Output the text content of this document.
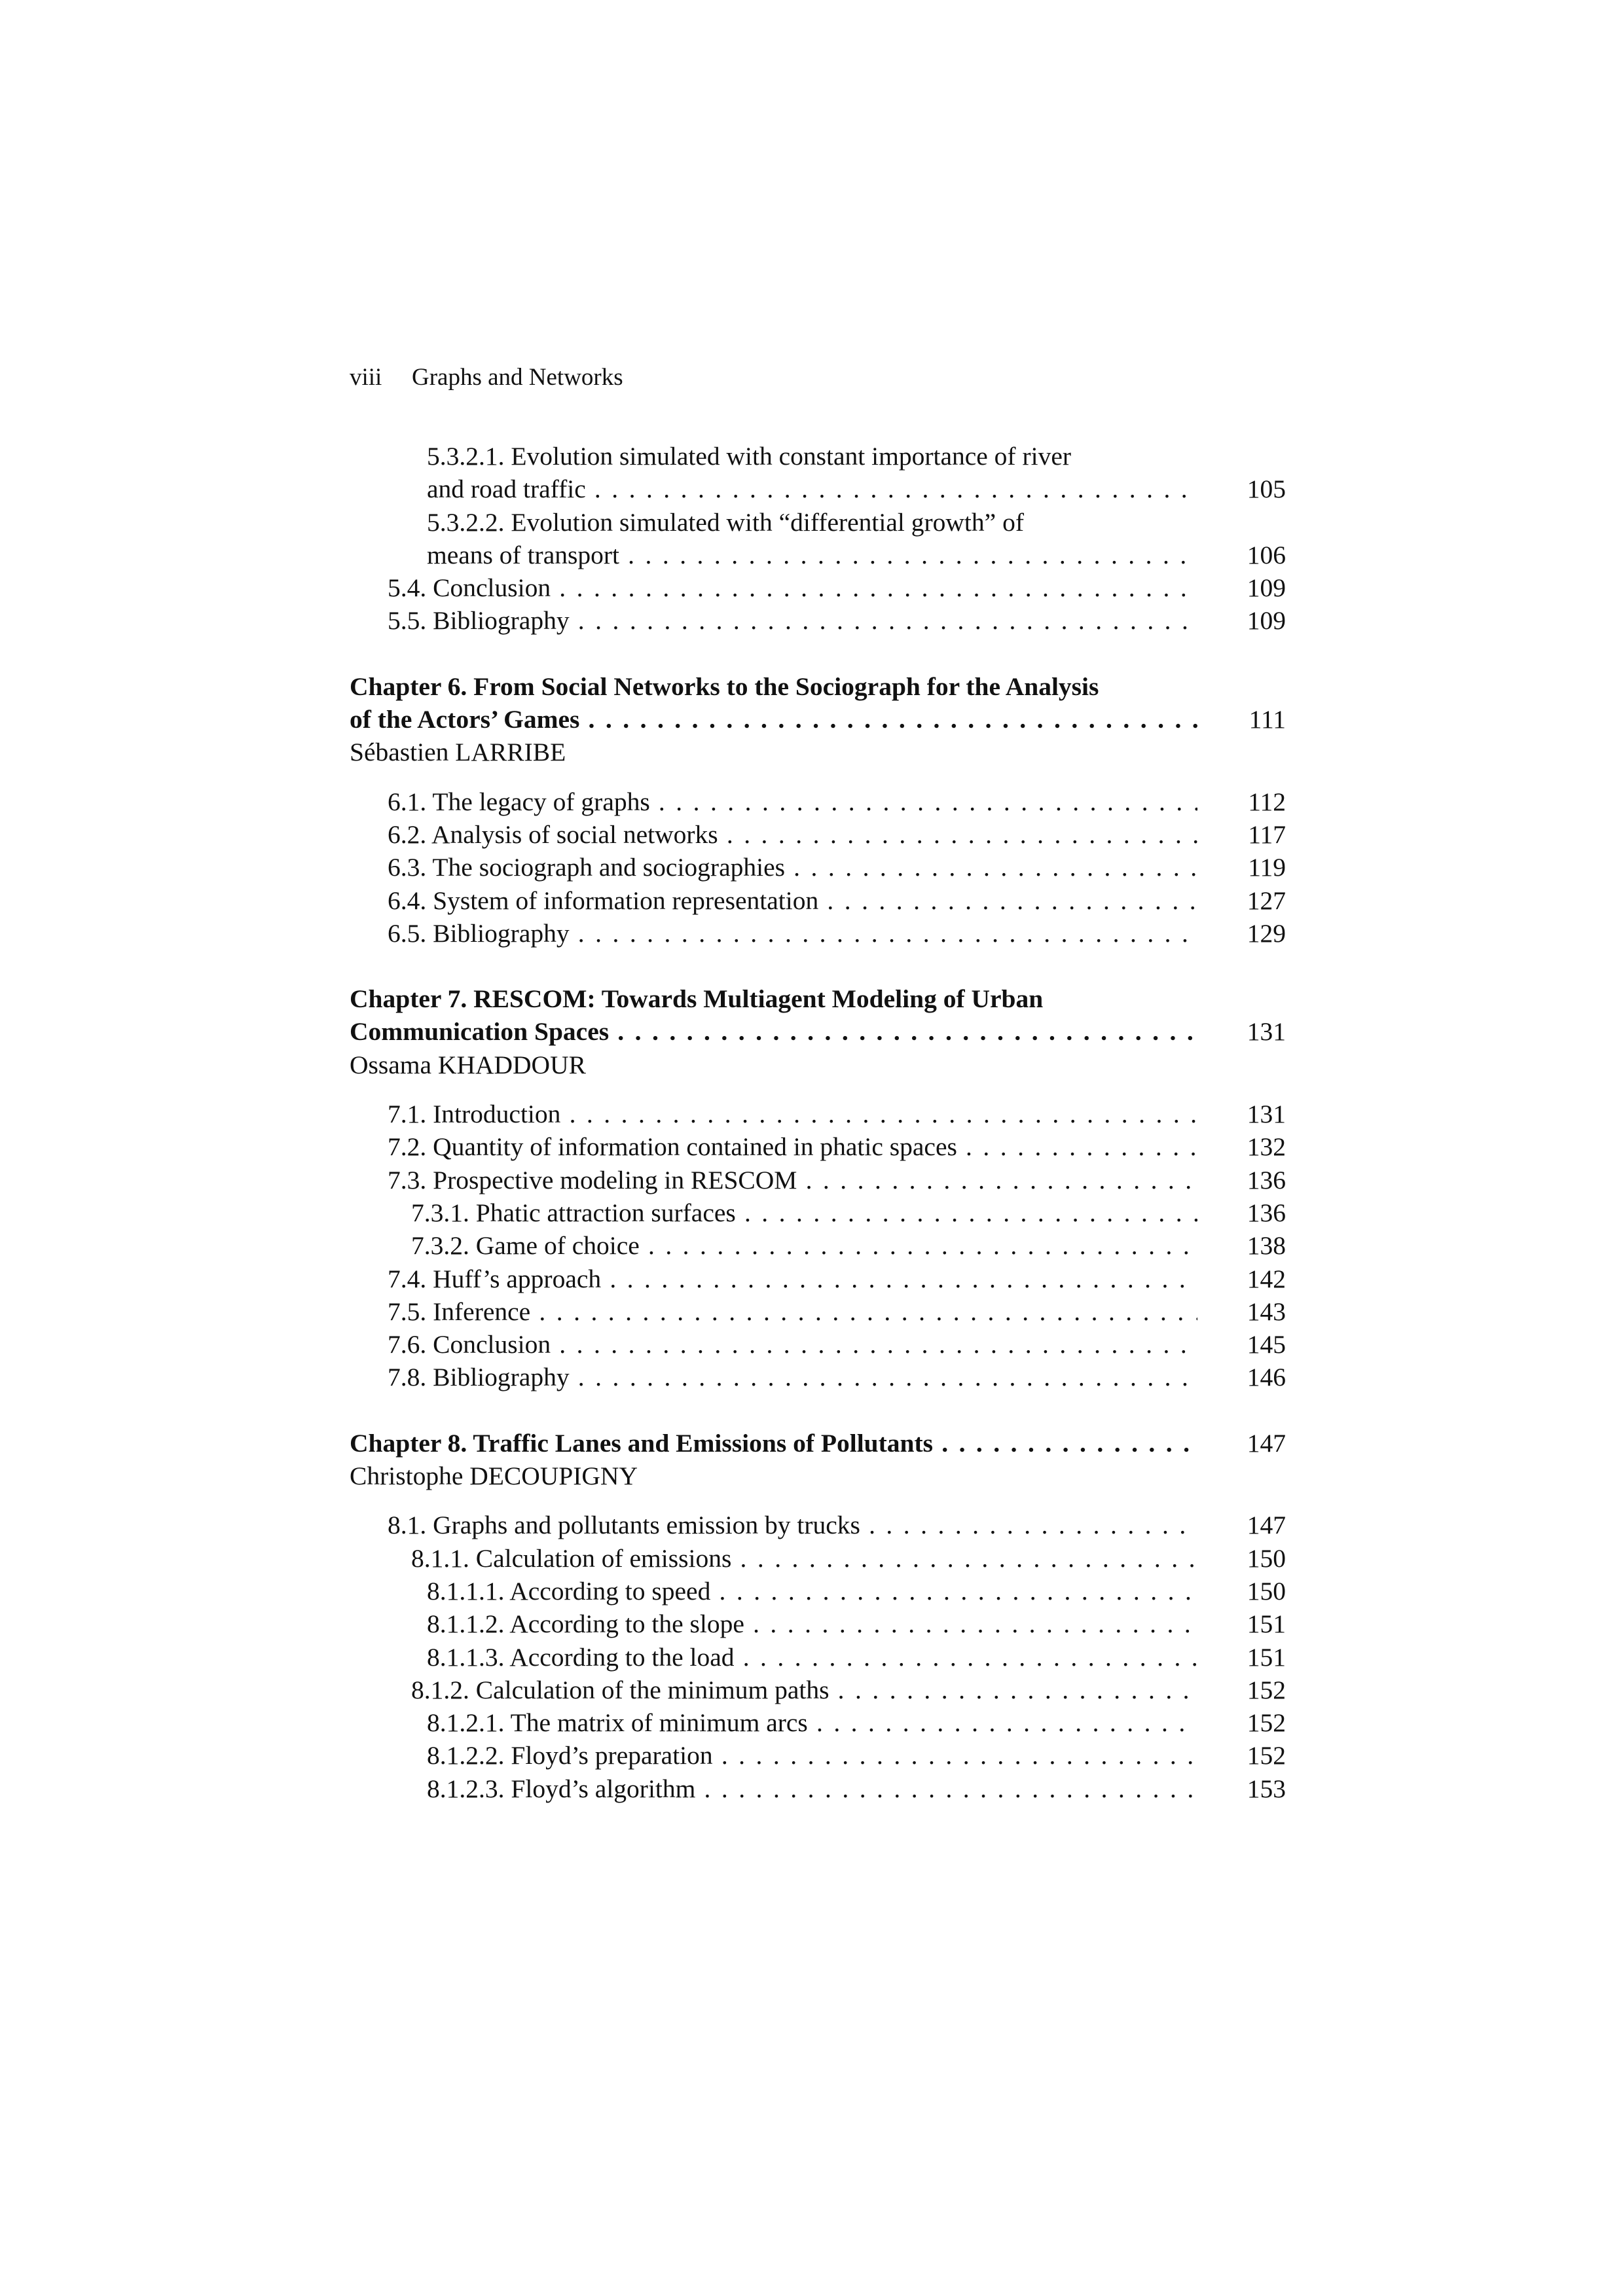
viii Graphs and Networks
5.3.2.1. Evolution simulated with constant importance of river
and road traffic . . .	105
5.3.2.2. Evolution simulated with “differential growth” of
means of transport . . .	106
5.4. Conclusion . . .	109
5.5. Bibliography . . .	109
Chapter 6. From Social Networks to the Sociograph for the Analysis
of the Actors’ Games . . .	111
Sébastien LARRIBE
6.1. The legacy of graphs . . .	112
6.2. Analysis of social networks . . .	117
6.3. The sociograph and sociographies . . .	119
6.4. System of information representation . . .	127
6.5. Bibliography . . .	129
Chapter 7. RESCOM: Towards Multiagent Modeling of Urban
Communication Spaces . . .	131
Ossama KHADDOUR
7.1. Introduction . . .	131
7.2. Quantity of information contained in phatic spaces . . .	132
7.3. Prospective modeling in RESCOM . . .	136
7.3.1. Phatic attraction surfaces . . .	136
7.3.2. Game of choice . . .	138
7.4. Huff’s approach . . .	142
7.5. Inference . . .	143
7.6. Conclusion . . .	145
7.8. Bibliography . . .	146
Chapter 8. Traffic Lanes and Emissions of Pollutants . . .	147
Christophe DECOUPIGNY
8.1. Graphs and pollutants emission by trucks . . .	147
8.1.1. Calculation of emissions . . .	150
8.1.1.1. According to speed . . .	150
8.1.1.2. According to the slope . . .	151
8.1.1.3. According to the load . . .	151
8.1.2. Calculation of the minimum paths . . .	152
8.1.2.1. The matrix of minimum arcs . . .	152
8.1.2.2. Floyd’s preparation . . .	152
8.1.2.3. Floyd’s algorithm . . .	153
